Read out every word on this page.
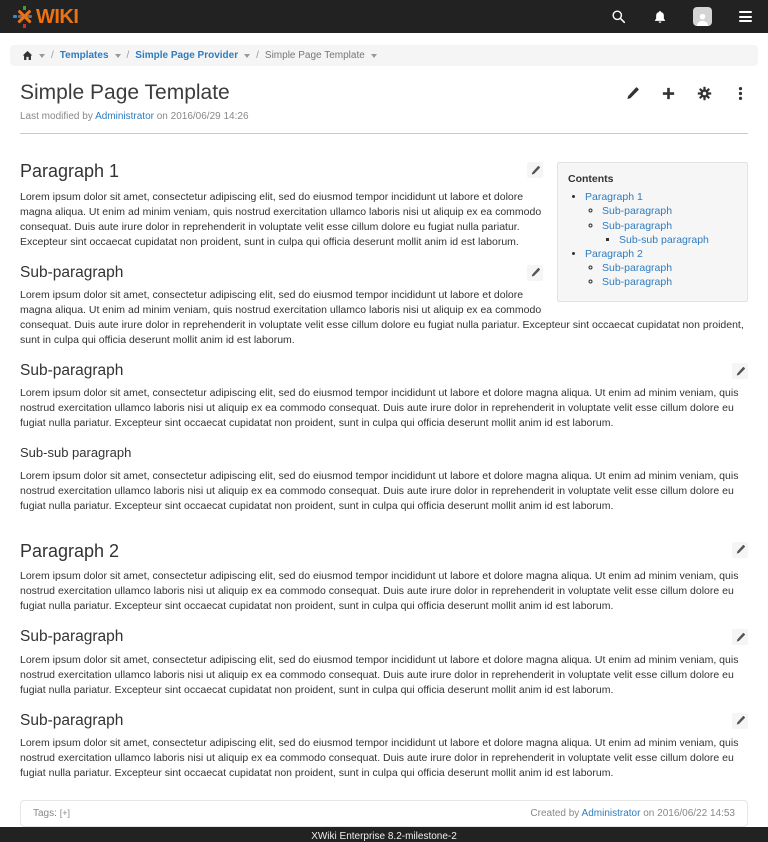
WIKI
/ Templates / Simple Page Provider / Simple Page Template
Simple Page Template
Last modified by Administrator on 2016/06/29 14:26
Contents
• Paragraph 1
◦ Sub-paragraph
◦ Sub-paragraph
▪ Sub-sub paragraph
• Paragraph 2
◦ Sub-paragraph
◦ Sub-paragraph
Paragraph 1

Lorem ipsum dolor sit amet, consectetur adipiscing elit, sed do eiusmod tempor incididunt ut labore et dolore magna aliqua. Ut enim ad minim veniam, quis nostrud exercitation ullamco laboris nisi ut aliquip ex ea commodo consequat. Duis aute irure dolor in reprehenderit in voluptate velit esse cillum dolore eu fugiat nulla pariatur. Excepteur sint occaecat cupidatat non proident, sunt in culpa qui officia deserunt mollit anim id est laborum.

Sub-paragraph

Lorem ipsum dolor sit amet, consectetur adipiscing elit, sed do eiusmod tempor incididunt ut labore et dolore magna aliqua. Ut enim ad minim veniam, quis nostrud exercitation ullamco laboris nisi ut aliquip ex ea commodo consequat. Duis aute irure dolor in reprehenderit in voluptate velit esse cillum dolore eu fugiat nulla pariatur. Excepteur sint occaecat cupidatat non proident, sunt in culpa qui officia deserunt mollit anim id est laborum.

Sub-paragraph

Lorem ipsum dolor sit amet, consectetur adipiscing elit, sed do eiusmod tempor incididunt ut labore et dolore magna aliqua. Ut enim ad minim veniam, quis nostrud exercitation ullamco laboris nisi ut aliquip ex ea commodo consequat. Duis aute irure dolor in reprehenderit in voluptate velit esse cillum dolore eu fugiat nulla pariatur. Excepteur sint occaecat cupidatat non proident, sunt in culpa qui officia deserunt mollit anim id est laborum.

Sub-sub paragraph

Lorem ipsum dolor sit amet, consectetur adipiscing elit, sed do eiusmod tempor incididunt ut labore et dolore magna aliqua. Ut enim ad minim veniam, quis nostrud exercitation ullamco laboris nisi ut aliquip ex ea commodo consequat. Duis aute irure dolor in reprehenderit in voluptate velit esse cillum dolore eu fugiat nulla pariatur. Excepteur sint occaecat cupidatat non proident, sunt in culpa qui officia deserunt mollit anim id est laborum.

Paragraph 2

Lorem ipsum dolor sit amet, consectetur adipiscing elit, sed do eiusmod tempor incididunt ut labore et dolore magna aliqua. Ut enim ad minim veniam, quis nostrud exercitation ullamco laboris nisi ut aliquip ex ea commodo consequat. Duis aute irure dolor in reprehenderit in voluptate velit esse cillum dolore eu fugiat nulla pariatur. Excepteur sint occaecat cupidatat non proident, sunt in culpa qui officia deserunt mollit anim id est laborum.

Sub-paragraph

Lorem ipsum dolor sit amet, consectetur adipiscing elit, sed do eiusmod tempor incididunt ut labore et dolore magna aliqua. Ut enim ad minim veniam, quis nostrud exercitation ullamco laboris nisi ut aliquip ex ea commodo consequat. Duis aute irure dolor in reprehenderit in voluptate velit esse cillum dolore eu fugiat nulla pariatur. Excepteur sint occaecat cupidatat non proident, sunt in culpa qui officia deserunt mollit anim id est laborum.

Sub-paragraph

Lorem ipsum dolor sit amet, consectetur adipiscing elit, sed do eiusmod tempor incididunt ut labore et dolore magna aliqua. Ut enim ad minim veniam, quis nostrud exercitation ullamco laboris nisi ut aliquip ex ea commodo consequat. Duis aute irure dolor in reprehenderit in voluptate velit esse cillum dolore eu fugiat nulla pariatur. Excepteur sint occaecat cupidatat non proident, sunt in culpa qui officia deserunt mollit anim id est laborum.

Tags:
[+]	Created by Administrator on 2016/06/22 14:53
XWiki Enterprise 8.2-milestone-2
